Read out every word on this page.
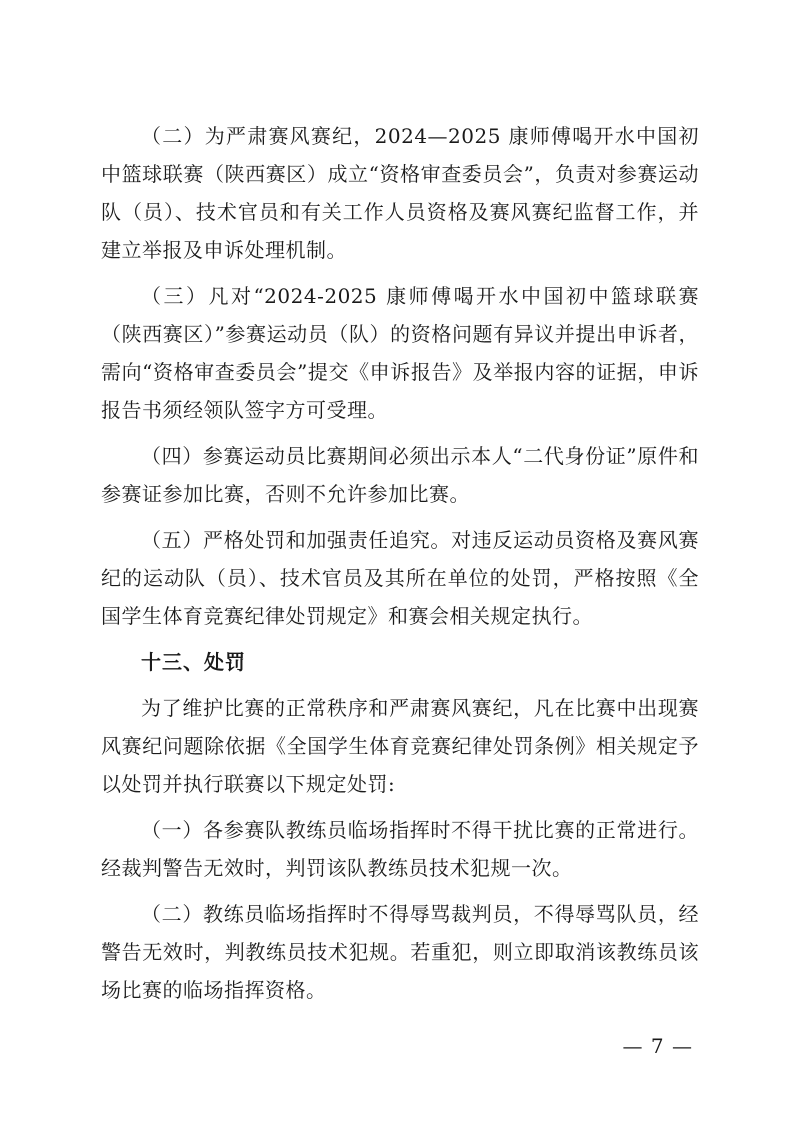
（二）为严肃赛风赛纪，2024—2025 康师傅喝开水中国初中篮球联赛（陕西赛区）成立“资格审查委员会”，负责对参赛运动队（员）、技术官员和有关工作人员资格及赛风赛纪监督工作，并建立举报及申诉处理机制。

（三）凡对“2024-2025 康师傅喝开水中国初中篮球联赛（陕西赛区）”参赛运动员（队）的资格问题有异议并提出申诉者，需向“资格审查委员会”提交《申诉报告》及举报内容的证据，申诉报告书须经领队签字方可受理。

（四）参赛运动员比赛期间必须出示本人“二代身份证”原件和参赛证参加比赛，否则不允许参加比赛。

（五）严格处罚和加强责任追究。对违反运动员资格及赛风赛纪的运动队（员）、技术官员及其所在单位的处罚，严格按照《全国学生体育竞赛纪律处罚规定》和赛会相关规定执行。

十三、处罚

为了维护比赛的正常秩序和严肃赛风赛纪，凡在比赛中出现赛风赛纪问题除依据《全国学生体育竞赛纪律处罚条例》相关规定予以处罚并执行联赛以下规定处罚:

（一）各参赛队教练员临场指挥时不得干扰比赛的正常进行。经裁判警告无效时，判罚该队教练员技术犯规一次。

（二）教练员临场指挥时不得辱骂裁判员，不得辱骂队员，经警告无效时，判教练员技术犯规。若重犯，则立即取消该教练员该场比赛的临场指挥资格。

— 7 —
